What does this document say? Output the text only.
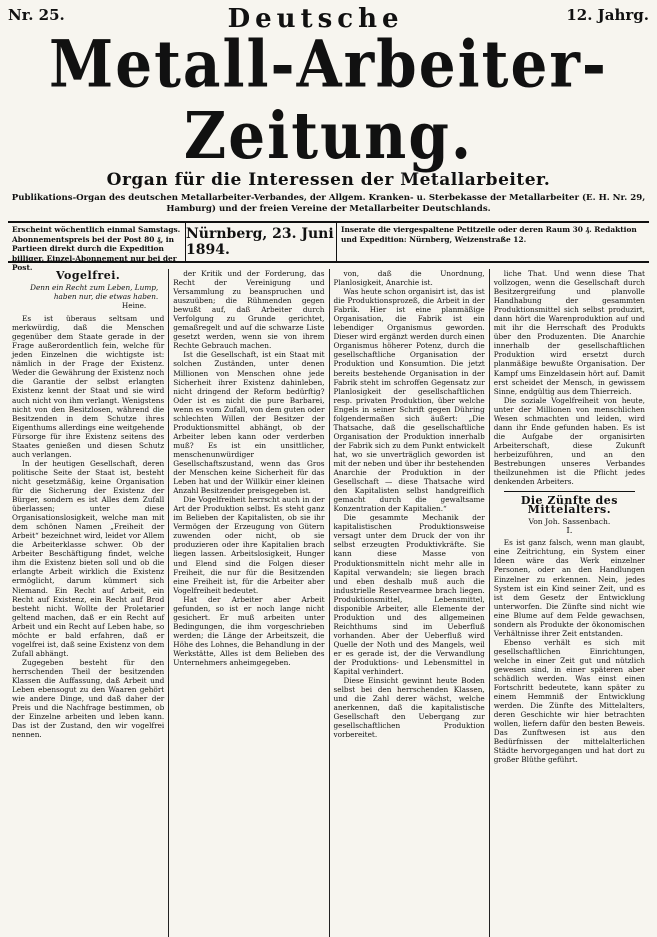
Nr. 25.	Deutsche	12. Jahrg.
Metall-Arbeiter-Zeitung.
Organ für die Interessen der Metallarbeiter.
Publikations-Organ des deutschen Metallarbeiter-Verbandes, der Allgem. Kranken- u. Sterbekasse der Metallarbeiter (E. H. Nr. 29, Hamburg) und der freien Vereine der Metallarbeiter Deutschlands.
Erscheint wöchentlich einmal Samstags. Abonnementspreis bei der Post 80 ₰, in Partieen direkt durch die Expedition billiger. Einzel-Abonnement nur bei der Post.
Nürnberg, 23. Juni 1894.
Inserate die viergespaltene Petitzeile oder deren Raum 30 ₰. Redaktion und Expedition: Nürnberg, Weizenstraße 12.

Vogelfrei.

Denn ein Recht zum Leben, Lump, haben nur, die etwas haben.

Heine.

Es ist überaus seltsam und merkwürdig, daß die Menschen gegenüber dem Staate gerade in der Frage außerordentlich fein, welche für jeden Einzelnen die wichtigste ist: nämlich in der Frage der Existenz. Weder die Gewährung der Existenz noch die Garantie der selbst erlangten Existenz kennt der Staat und sie wird auch nicht von ihm verlangt. Wenigstens nicht von den Besitzlosen, während die Besitzenden in dem Schutze ihres Eigenthums allerdings eine weitgehende Fürsorge für ihre Existenz seitens des Staates genießen und diesen Schutz auch verlangen.

In der heutigen Gesellschaft, deren politische Seite der Staat ist, besteht nicht gesetzmäßig, keine Organisation für die Sicherung der Existenz der Bürger, sondern es ist Alles dem Zufall überlassen; unter diese Organisationslosigkeit, welche man mit dem schönen Namen „Freiheit der Arbeit“ bezeichnet wird, leidet vor Allem die Arbeiterklasse schwer. Ob der Arbeiter Beschäftigung findet, welche ihm die Existenz bieten soll und ob die erlangte Arbeit wirklich die Existenz ermöglicht, darum kümmert sich Niemand. Ein Recht auf Arbeit, ein Recht auf Existenz, ein Recht auf Brod besteht nicht. Wollte der Proletarier geltend machen, daß er ein Recht auf Arbeit und ein Recht auf Leben habe, so möchte er bald erfahren, daß er vogelfrei ist, daß seine Existenz von dem Zufall abhängt.

Zugegeben besteht für den herrschenden Theil der besitzenden Klassen die Auffassung, daß Arbeit und Leben ebensogut zu den Waaren gehört wie andere Dinge, und daß daher der Preis und die Nachfrage bestimmen, ob der Einzelne arbeiten und leben kann. Das ist der Zustand, den wir vogelfrei nennen.

der Kritik und der Forderung, das Recht der Vereinigung und Versammlung zu beanspruchen und auszuüben; die Rühmenden gegen bewußt auf, daß Arbeiter durch Verfolgung zu Grunde gerichtet, gemaßregelt und auf die schwarze Liste gesetzt werden, wenn sie von ihrem Rechte Gebrauch machen.

Ist die Gesellschaft, ist ein Staat mit solchen Zuständen, unter denen Millionen von Menschen ohne jede Sicherheit ihrer Existenz dahinleben, nicht dringend der Reform bedürftig? Oder ist es nicht die pure Barbarei, wenn es vom Zufall, von dem guten oder schlechten Willen der Besitzer der Produktionsmittel abhängt, ob der Arbeiter leben kann oder verderben muß? Es ist ein unsittlicher, menschenunwürdiger Gesellschaftszustand, wenn das Gros der Menschen keine Sicherheit für das Leben hat und der Willkür einer kleinen Anzahl Besitzender preisgegeben ist.

Die Vogelfreiheit herrscht auch in der Art der Produktion selbst. Es steht ganz im Belieben der Kapitalisten, ob sie ihr Vermögen der Erzeugung von Gütern zuwenden oder nicht, ob sie produzieren oder ihre Kapitalien brach liegen lassen. Arbeitslosigkeit, Hunger und Elend sind die Folgen dieser Freiheit, die nur für die Besitzenden eine Freiheit ist, für die Arbeiter aber Vogelfreiheit bedeutet.

Hat der Arbeiter aber Arbeit gefunden, so ist er noch lange nicht gesichert. Er muß arbeiten unter Bedingungen, die ihm vorgeschrieben werden; die Länge der Arbeitszeit, die Höhe des Lohnes, die Behandlung in der Werkstätte, Alles ist dem Belieben des Unternehmers anheimgegeben.

von, daß die Unordnung, Planlosigkeit, Anarchie ist.

Was heute schon organisirt ist, das ist die Produktionsprozeß, die Arbeit in der Fabrik. Hier ist eine planmäßige Organisation, die Fabrik ist ein lebendiger Organismus geworden. Dieser wird ergänzt werden durch einen Organismus höherer Potenz, durch die gesellschaftliche Organisation der Produktion und Konsumtion. Die jetzt bereits bestehende Organisation in der Fabrik steht im schroffen Gegensatz zur Planlosigkeit der gesellschaftlichen resp. privaten Produktion, über welche Engels in seiner Schrift gegen Dühring folgendermaßen sich äußert: „Die Thatsache, daß die gesellschaftliche Organisation der Produktion innerhalb der Fabrik sich zu dem Punkt entwickelt hat, wo sie unverträglich geworden ist mit der neben und über ihr bestehenden Anarchie der Produktion in der Gesellschaft — diese Thatsache wird den Kapitalisten selbst handgreiflich gemacht durch die gewaltsame Konzentration der Kapitalien.“

Die gesammte Mechanik der kapitalistischen Produktionsweise versagt unter dem Druck der von ihr selbst erzeugten Produktivkräfte. Sie kann diese Masse von Produktionsmitteln nicht mehr alle in Kapital verwandeln; sie liegen brach und eben deshalb muß auch die industrielle Reservearmee brach liegen. Produktionsmittel, Lebensmittel, disponible Arbeiter, alle Elemente der Produktion und des allgemeinen Reichthums sind im Ueberfluß vorhanden. Aber der Ueberfluß wird Quelle der Noth und des Mangels, weil er es gerade ist, der die Verwandlung der Produktions- und Lebensmittel in Kapital verhindert.

Diese Einsicht gewinnt heute Boden selbst bei den herrschenden Klassen, und die Zahl derer wächst, welche anerkennen, daß die kapitalistische Gesellschaft den Uebergang zur gesellschaftlichen Produktion vorbereitet.

liche That. Und wenn diese That vollzogen, wenn die Gesellschaft durch Besitzergreifung und planvolle Handhabung der gesammten Produktionsmittel sich selbst produzirt, dann hört die Warenproduktion auf und mit ihr die Herrschaft des Produkts über den Produzenten. Die Anarchie innerhalb der gesellschaftlichen Produktion wird ersetzt durch planmäßige bewußte Organisation. Der Kampf ums Einzeldasein hört auf. Damit erst scheidet der Mensch, in gewissem Sinne, endgültig aus dem Thierreich.

Die soziale Vogelfreiheit von heute, unter der Millionen von menschlichen Wesen schmachten und leiden, wird dann ihr Ende gefunden haben. Es ist die Aufgabe der organisirten Arbeiterschaft, diese Zukunft herbeizuführen, und an den Bestrebungen unseres Verbandes theilzunehmen ist die Pflicht jedes denkenden Arbeiters.

Die Zünfte des Mittelalters.

Von Joh. Sassenbach.

I.

Es ist ganz falsch, wenn man glaubt, eine Zeitrichtung, ein System einer Ideen wäre das Werk einzelner Personen, oder an den Handlungen Einzelner zu erkennen. Nein, jedes System ist ein Kind seiner Zeit, und es ist dem Gesetz der Entwicklung unterworfen. Die Zünfte sind nicht wie eine Blume auf dem Felde gewachsen, sondern als Produkte der ökonomischen Verhältnisse ihrer Zeit entstanden.

Ebenso verhält es sich mit gesellschaftlichen Einrichtungen, welche in einer Zeit gut und nützlich gewesen sind, in einer späteren aber schädlich werden. Was einst einen Fortschritt bedeutete, kann später zu einem Hemmniß der Entwicklung werden. Die Zünfte des Mittelalters, deren Geschichte wir hier betrachten wollen, liefern dafür den besten Beweis. Das Zunftwesen ist aus den Bedürfnissen der mittelalterlichen Städte hervorgegangen und hat dort zu großer Blüthe geführt.
